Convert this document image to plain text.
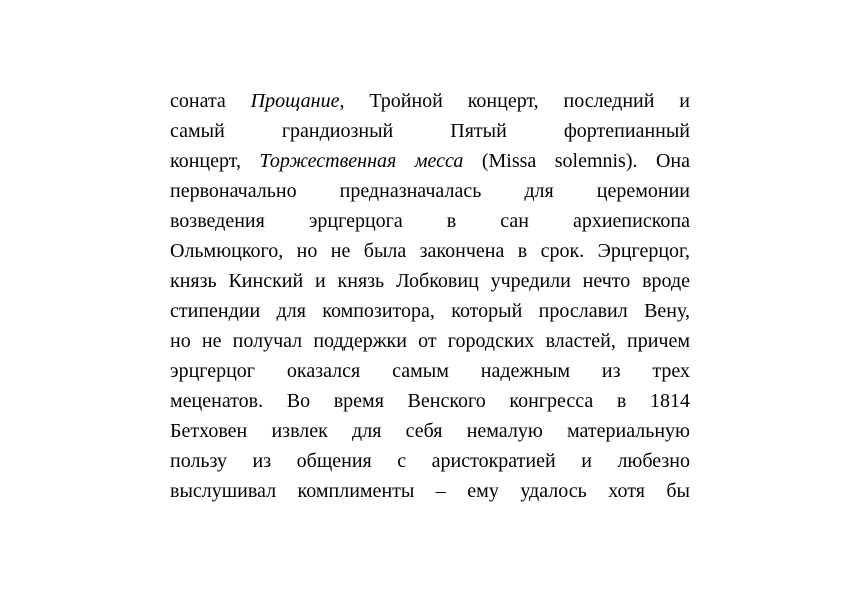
соната Прощание, Тройной концерт, последний и
самый грандиозный Пятый фортепианный
концерт, Торжественная месса (Missa solemnis). Она
первоначально предназначалась для церемонии
возведения эрцгерцога в сан архиепископа
Ольмюцкого, но не была закончена в срок. Эрцгерцог,
князь Кинский и князь Лобковиц учредили нечто вроде
стипендии для композитора, который прославил Вену,
но не получал поддержки от городских властей, причем
эрцгерцог оказался самым надежным из трех
меценатов. Во время Венского конгресса в 1814
Бетховен извлек для себя немалую материальную
пользу из общения с аристократией и любезно
выслушивал комплименты – ему удалось хотя бы
